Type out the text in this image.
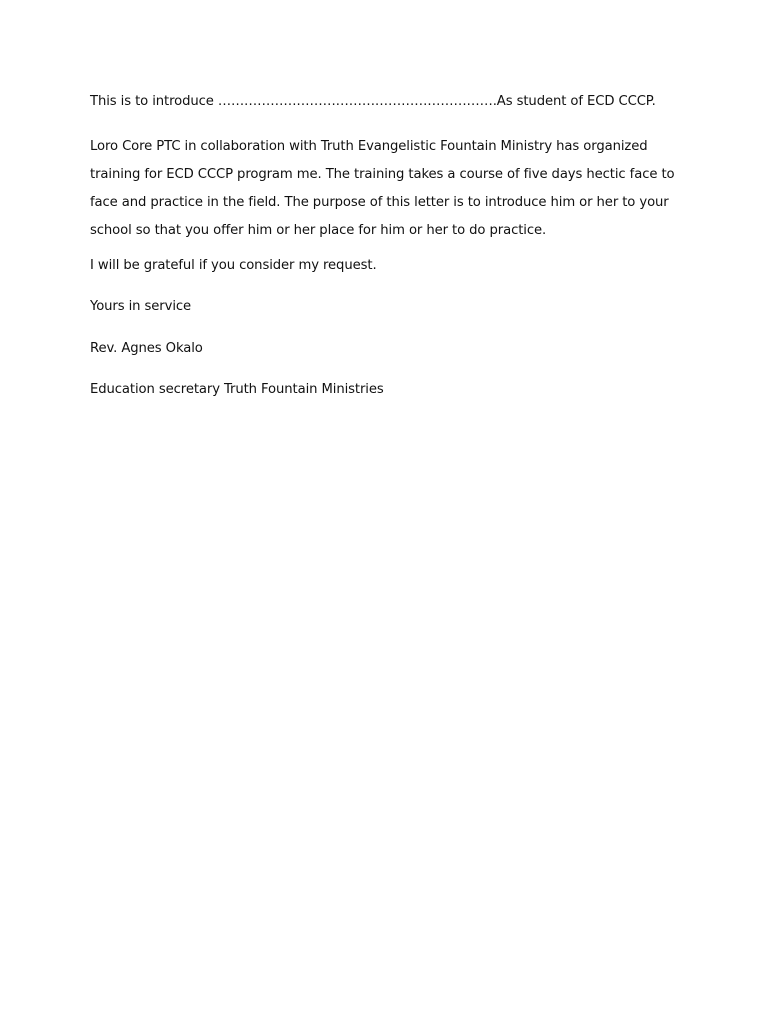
This is to introduce ……………………………………………………….As student of ECD CCCP.

Loro Core PTC in collaboration with Truth Evangelistic Fountain Ministry has organized training for ECD CCCP program me. The training takes a course of five days hectic face to face and practice in the field. The purpose of this letter is to introduce him or her to your school so that you offer him or her place for him or her to do practice.

I will be grateful if you consider my request.

Yours in service

Rev. Agnes Okalo

Education secretary Truth Fountain Ministries
